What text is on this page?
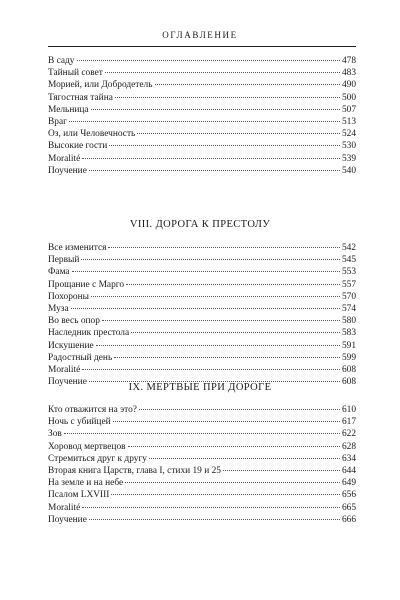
ОГЛАВЛЕНИЕ
В саду	478
Тайный совет	483
Морией, или Добродетель	490
Тягостная тайна	500
Мельница	507
Враг	513
Оз, или Человечность	524
Высокие гости	530
Moralité	539
Поучение	540
VIII. ДОРОГА К ПРЕСТОЛУ
Все изменится	542
Первый	545
Фама	553
Прощание с Марго	557
Похороны	570
Муза	574
Во весь опор	580
Наследник престола	583
Искушение	591
Радостный день	599
Moralité	608
Поучение	608
IX. МЕРТВЫЕ ПРИ ДОРОГЕ
Кто отважится на это?	610
Ночь с убийцей	617
Зов	622
Хоровод мертвецов	628
Стремиться друг к другу	634
Вторая книга Царств, глава I, стихи 19 и 25	644
На земле и на небе	649
Псалом LXVIII	656
Moralité	665
Поучение	666
